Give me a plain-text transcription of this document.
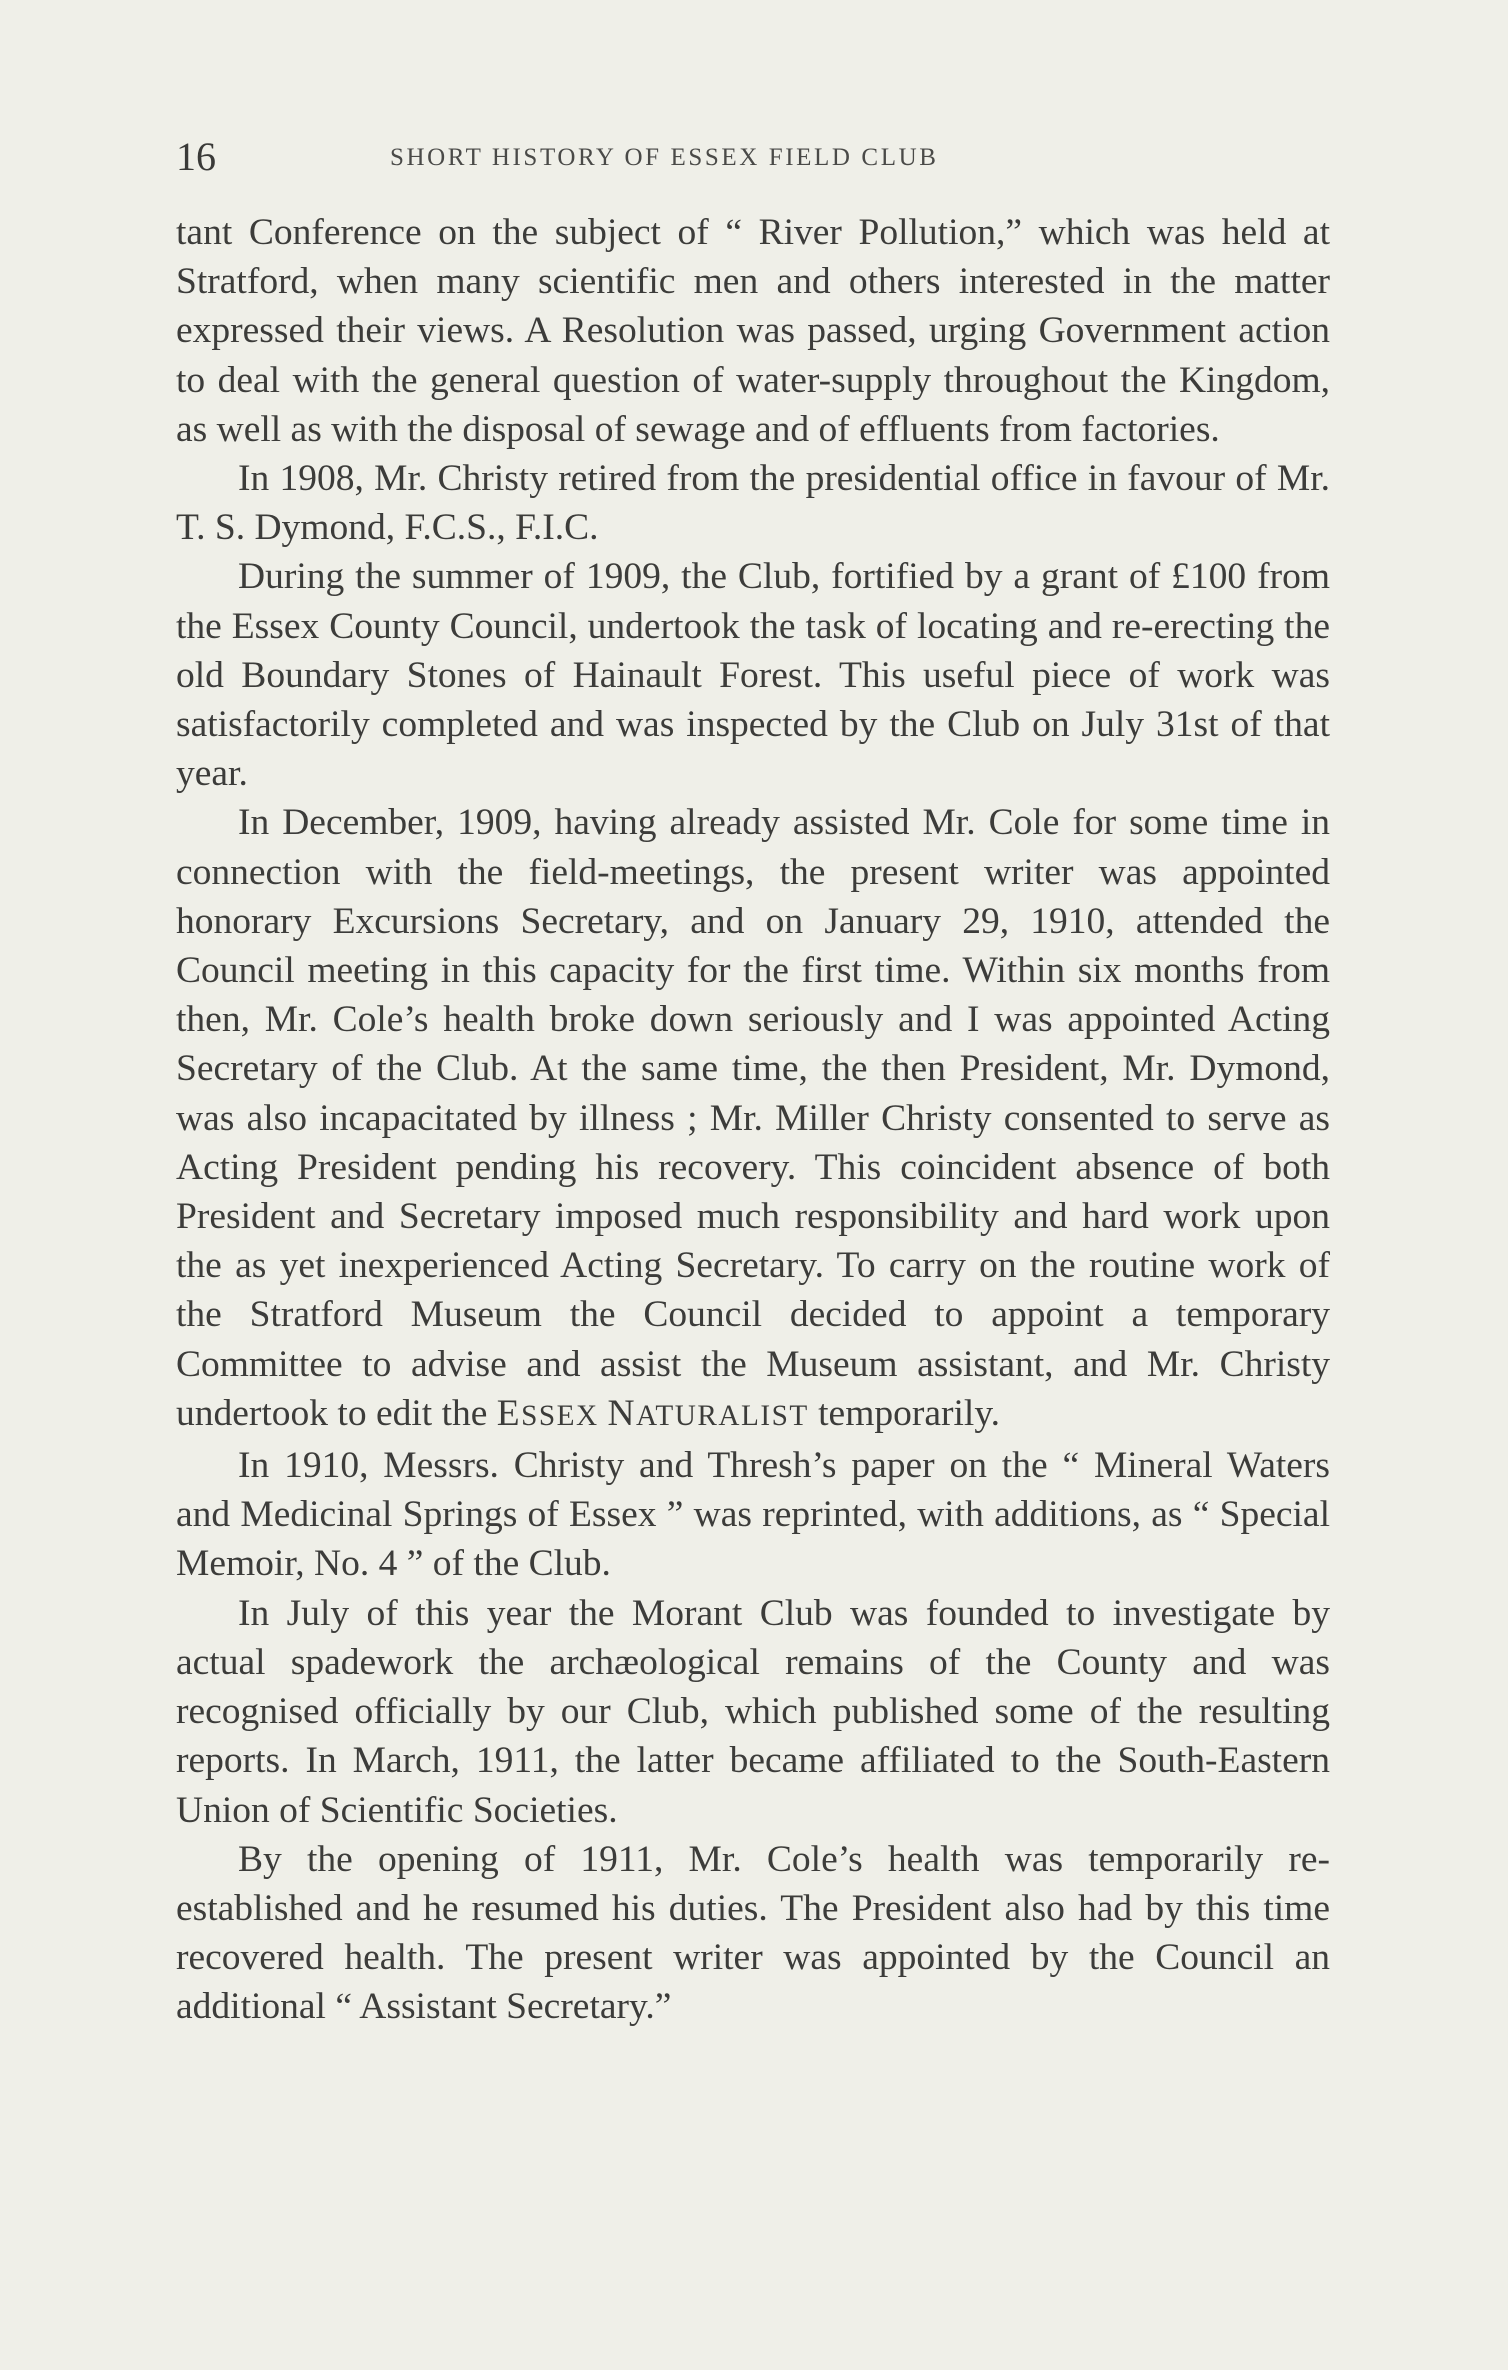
16	SHORT HISTORY OF ESSEX FIELD CLUB

tant Conference on the subject of “ River Pollution,” which was held at Stratford, when many scientific men and others interested in the matter expressed their views. A Resolution was passed, urging Government action to deal with the general question of water-supply throughout the Kingdom, as well as with the disposal of sewage and of effluents from factories.

In 1908, Mr. Christy retired from the presidential office in favour of Mr. T. S. Dymond, F.C.S., F.I.C.

During the summer of 1909, the Club, fortified by a grant of £100 from the Essex County Council, undertook the task of locating and re-erecting the old Boundary Stones of Hainault Forest. This useful piece of work was satisfactorily completed and was inspected by the Club on July 31st of that year.

In December, 1909, having already assisted Mr. Cole for some time in connection with the field-meetings, the present writer was appointed honorary Excursions Secretary, and on January 29, 1910, attended the Council meeting in this capacity for the first time. Within six months from then, Mr. Cole’s health broke down seriously and I was appointed Acting Secretary of the Club. At the same time, the then President, Mr. Dymond, was also incapacitated by illness ; Mr. Miller Christy consented to serve as Acting President pending his recovery. This coincident absence of both President and Secretary imposed much responsibility and hard work upon the as yet inexperienced Acting Secretary. To carry on the routine work of the Stratford Museum the Council decided to appoint a temporary Committee to advise and assist the Museum assistant, and Mr. Christy undertook to edit the ESSEX NATURALIST temporarily.

In 1910, Messrs. Christy and Thresh’s paper on the “ Mineral Waters and Medicinal Springs of Essex ” was reprinted, with additions, as “ Special Memoir, No. 4 ” of the Club.

In July of this year the Morant Club was founded to investigate by actual spadework the archæological remains of the County and was recognised officially by our Club, which published some of the resulting reports. In March, 1911, the latter became affiliated to the South-Eastern Union of Scientific Societies.

By the opening of 1911, Mr. Cole’s health was temporarily re-established and he resumed his duties. The President also had by this time recovered health. The present writer was appointed by the Council an additional “ Assistant Secretary.”
